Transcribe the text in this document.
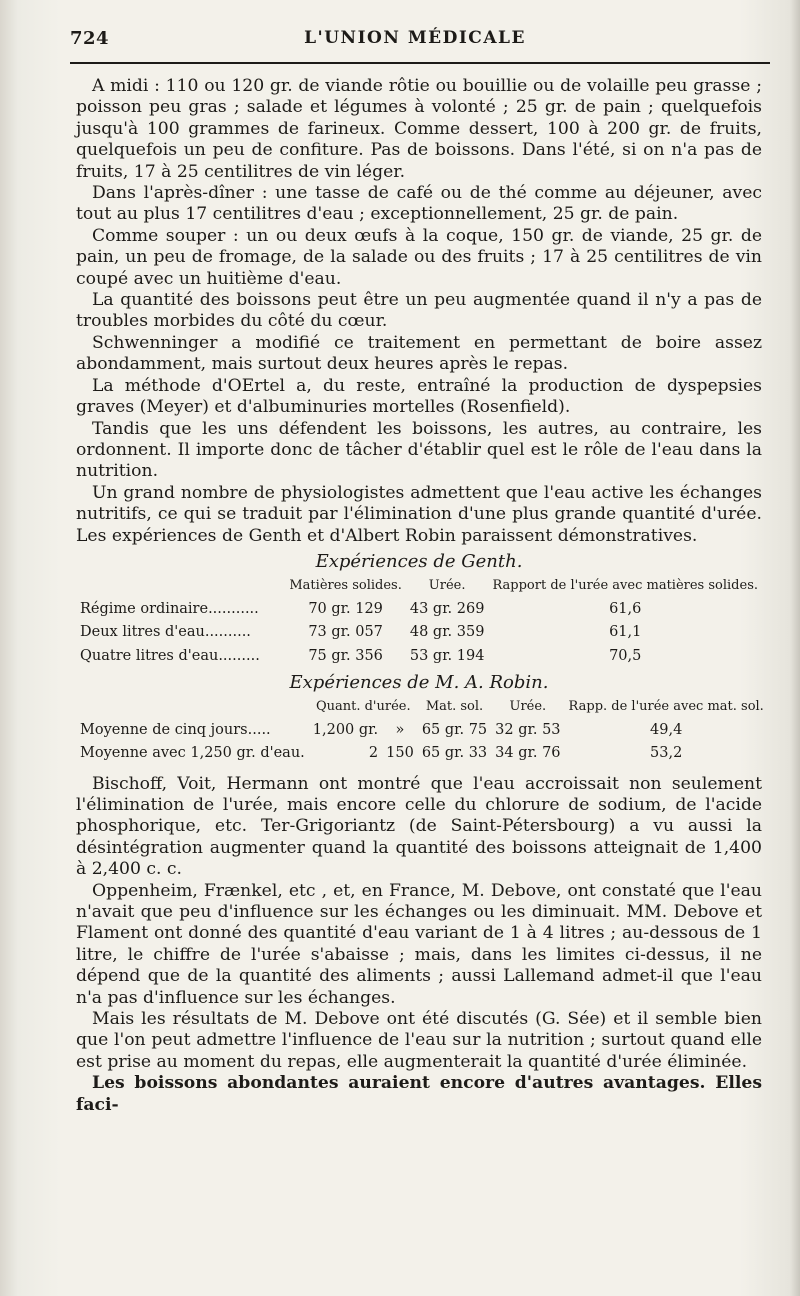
724	L'UNION MÉDICALE

A midi : 110 ou 120 gr. de viande rôtie ou bouillie ou de volaille peu grasse ; poisson peu gras ; salade et légumes à volonté ; 25 gr. de pain ; quelquefois jusqu'à 100 grammes de farineux. Comme dessert, 100 à 200 gr. de fruits, quelquefois un peu de confiture. Pas de boissons. Dans l'été, si on n'a pas de fruits, 17 à 25 centilitres de vin léger.

Dans l'après-dîner : une tasse de café ou de thé comme au déjeuner, avec tout au plus 17 centilitres d'eau ; exceptionnellement, 25 gr. de pain.

Comme souper : un ou deux œufs à la coque, 150 gr. de viande, 25 gr. de pain, un peu de fromage, de la salade ou des fruits ; 17 à 25 centilitres de vin coupé avec un huitième d'eau.

La quantité des boissons peut être un peu augmentée quand il n'y a pas de troubles morbides du côté du cœur.

Schwenninger a modifié ce traitement en permettant de boire assez abondamment, mais surtout deux heures après le repas.

La méthode d'OErtel a, du reste, entraîné la production de dyspepsies graves (Meyer) et d'albuminuries mortelles (Rosenfield).

Tandis que les uns défendent les boissons, les autres, au contraire, les ordonnent. Il importe donc de tâcher d'établir quel est le rôle de l'eau dans la nutrition.

Un grand nombre de physiologistes admettent que l'eau active les échanges nutritifs, ce qui se traduit par l'élimination d'une plus grande quantité d'urée. Les expériences de Genth et d'Albert Robin paraissent démonstratives.

Expériences de Genth.
	Matières solides.	Urée.	Rapport de l'urée avec matières solides.
Régime ordinaire...........	70 gr. 129	43 gr. 269	61,6
Deux litres d'eau..........	73 gr. 057	48 gr. 359	61,1
Quatre litres d'eau.........	75 gr. 356	53 gr. 194	70,5
Expériences de M. A. Robin.
	Quant. d'urée.		Mat. sol.	Urée.	Rapp. de l'urée avec mat. sol.
Moyenne de cinq jours.....	1,200 gr.	»	65 gr. 75	32 gr. 53	49,4
Moyenne avec 1,250 gr. d'eau.	2	150	65 gr. 33	34 gr. 76	53,2

Bischoff, Voit, Hermann ont montré que l'eau accroissait non seulement l'élimination de l'urée, mais encore celle du chlorure de sodium, de l'acide phosphorique, etc. Ter-Grigoriantz (de Saint-Pétersbourg) a vu aussi la désintégration augmenter quand la quantité des boissons atteignait de 1,400 à 2,400 c. c.

Oppenheim, Frænkel, etc , et, en France, M. Debove, ont constaté que l'eau n'avait que peu d'influence sur les échanges ou les diminuait. MM. Debove et Flament ont donné des quantité d'eau variant de 1 à 4 litres ; au-dessous de 1 litre, le chiffre de l'urée s'abaisse ; mais, dans les limites ci-dessus, il ne dépend que de la quantité des aliments ; aussi Lallemand admet-il que l'eau n'a pas d'influence sur les échanges.

Mais les résultats de M. Debove ont été discutés (G. Sée) et il semble bien que l'on peut admettre l'influence de l'eau sur la nutrition ; surtout quand elle est prise au moment du repas, elle augmenterait la quantité d'urée éliminée.

Les boissons abondantes auraient encore d'autres avantages. Elles faci-
